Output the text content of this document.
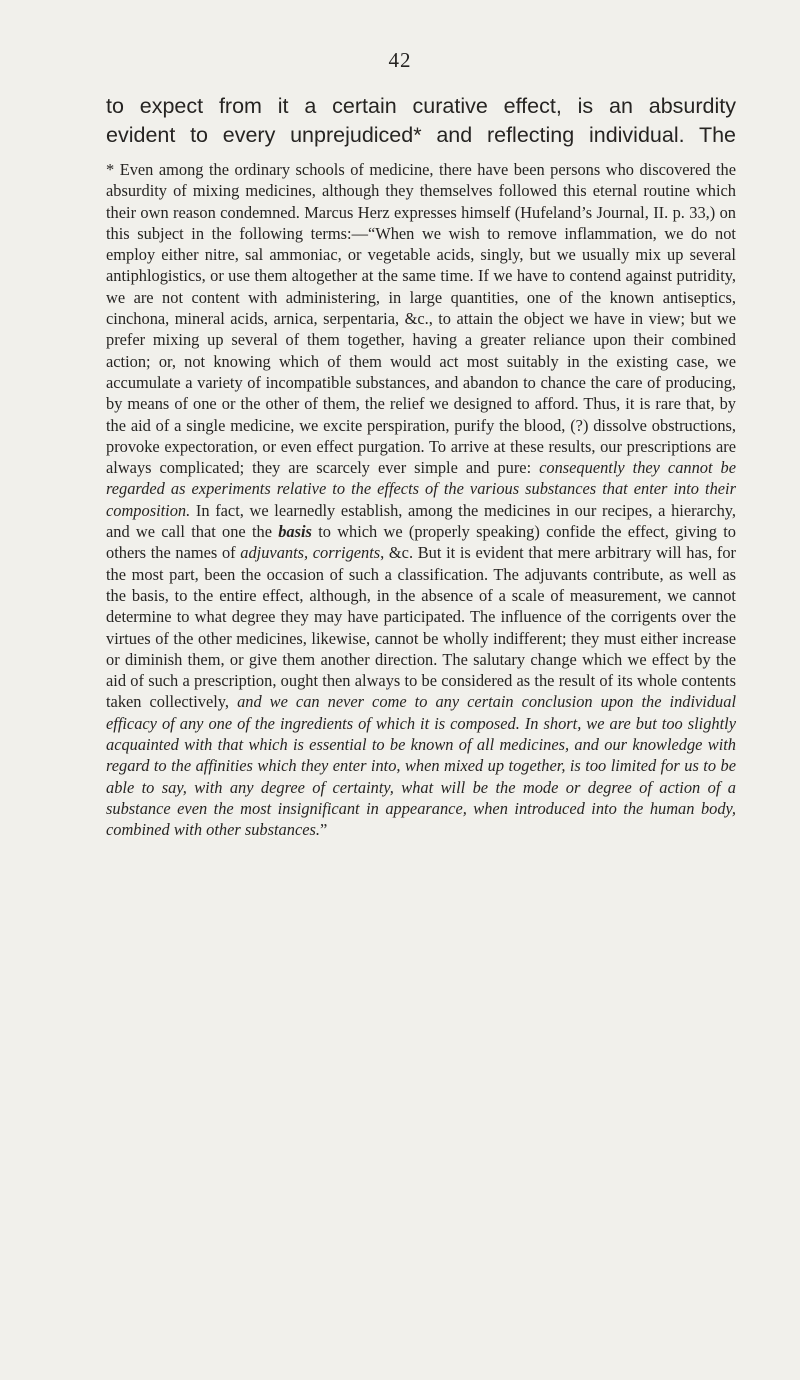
42
to expect from it a certain curative effect, is an absurdity
evident to every unprejudiced* and reflecting individual. The
* Even among the ordinary schools of medicine, there have been persons who discovered the absurdity of mixing medicines, although they themselves followed this eternal routine which their own reason condemned. Marcus Herz expresses himself (Hufeland’s Journal, II. p. 33,) on this subject in the following terms:—“When we wish to remove inflammation, we do not employ either nitre, sal ammoniac, or vegetable acids, singly, but we usually mix up several antiphlogistics, or use them altogether at the same time. If we have to contend against putridity, we are not content with administering, in large quantities, one of the known antiseptics, cinchona, mineral acids, arnica, serpentaria, &c., to attain the object we have in view; but we prefer mixing up several of them together, having a greater reliance upon their combined action; or, not knowing which of them would act most suitably in the existing case, we accumulate a variety of incompatible substances, and abandon to chance the care of producing, by means of one or the other of them, the relief we designed to afford. Thus, it is rare that, by the aid of a single medicine, we excite perspiration, purify the blood, (?) dissolve obstructions, provoke expectoration, or even effect purgation. To arrive at these results, our prescriptions are always complicated; they are scarcely ever simple and pure: consequently they cannot be regarded as experiments relative to the effects of the various substances that enter into their composition. In fact, we learnedly establish, among the medicines in our recipes, a hierarchy, and we call that one the basis to which we (properly speaking) confide the effect, giving to others the names of adjuvants, corrigents, &c. But it is evident that mere arbitrary will has, for the most part, been the occasion of such a classification. The adjuvants contribute, as well as the basis, to the entire effect, although, in the absence of a scale of measurement, we cannot determine to what degree they may have participated. The influence of the corrigents over the virtues of the other medicines, likewise, cannot be wholly indifferent; they must either increase or diminish them, or give them another direction. The salutary change which we effect by the aid of such a prescription, ought then always to be considered as the result of its whole contents taken collectively, and we can never come to any certain conclusion upon the individual efficacy of any one of the ingredients of which it is composed. In short, we are but too slightly acquainted with that which is essential to be known of all medicines, and our knowledge with regard to the affinities which they enter into, when mixed up together, is too limited for us to be able to say, with any degree of certainty, what will be the mode or degree of action of a substance even the most insignificant in appearance, when introduced into the human body, combined with other substances.”
